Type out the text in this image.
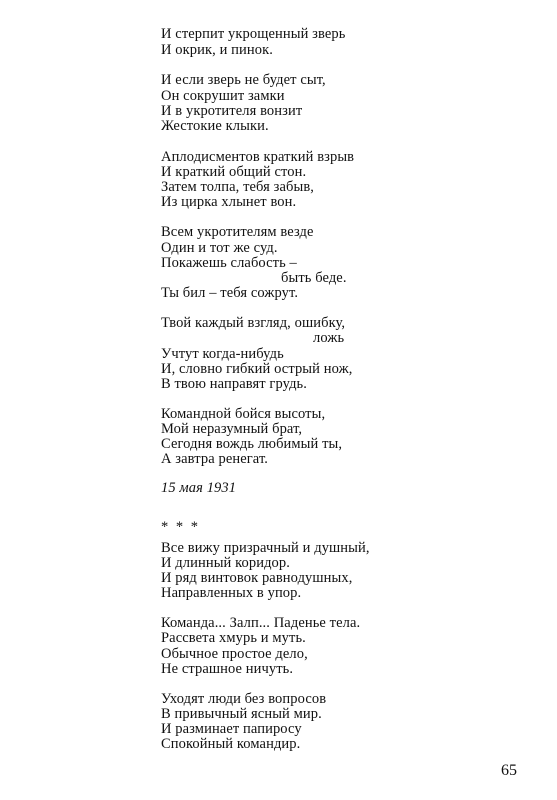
И стерпит укрощенный зверь
И окрик, и пинок.
И если зверь не будет сыт,
Он сокрушит замки
И в укротителя вонзит
Жестокие клыки.
Аплодисментов краткий взрыв
И краткий общий стон.
Затем толпа, тебя забыв,
Из цирка хлынет вон.
Всем укротителям везде
Один и тот же суд.
Покажешь слабость –
быть беде.
Ты бил – тебя сожрут.
Твой каждый взгляд, ошибку,
ложь
Учтут когда-нибудь
И, словно гибкий острый нож,
В твою направят грудь.
Командной бойся высоты,
Мой неразумный брат,
Сегодня вождь любимый ты,
А завтра ренегат.
15 мая 1931
* * *
Все вижу призрачный и душный,
И длинный коридор.
И ряд винтовок равнодушных,
Направленных в упор.
Команда... Залп... Паденье тела.
Рассвета хмурь и муть.
Обычное простое дело,
Не страшное ничуть.
Уходят люди без вопросов
В привычный ясный мир.
И разминает папиросу
Спокойный командир.
65
